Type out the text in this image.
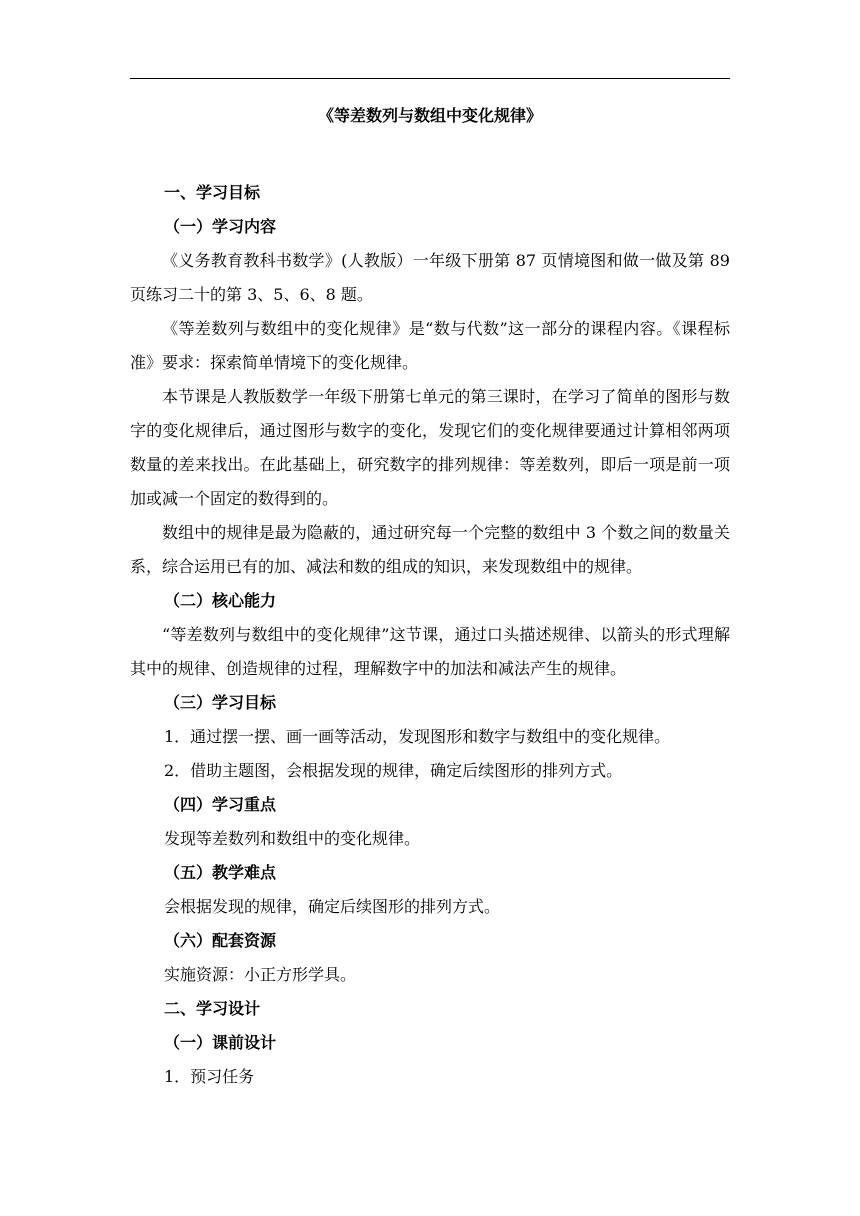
《等差数列与数组中变化规律》

一、学习目标

（一）学习内容

《义务教育教科书数学》(人教版）一年级下册第 87 页情境图和做一做及第 89 页练习二十的第 3、5、6、8 题。

《等差数列与数组中的变化规律》是“数与代数”这一部分的课程内容。《课程标准》要求：探索简单情境下的变化规律。

本节课是人教版数学一年级下册第七单元的第三课时，在学习了简单的图形与数字的变化规律后，通过图形与数字的变化，发现它们的变化规律要通过计算相邻两项数量的差来找出。在此基础上，研究数字的排列规律：等差数列，即后一项是前一项加或减一个固定的数得到的。

数组中的规律是最为隐蔽的，通过研究每一个完整的数组中 3 个数之间的数量关系，综合运用已有的加、减法和数的组成的知识，来发现数组中的规律。

（二）核心能力

“等差数列与数组中的变化规律”这节课，通过口头描述规律、以箭头的形式理解其中的规律、创造规律的过程，理解数字中的加法和减法产生的规律。

（三）学习目标

1．通过摆一摆、画一画等活动，发现图形和数字与数组中的变化规律。

2．借助主题图，会根据发现的规律，确定后续图形的排列方式。

（四）学习重点

发现等差数列和数组中的变化规律。

（五）教学难点

会根据发现的规律，确定后续图形的排列方式。

（六）配套资源

实施资源：小正方形学具。

二、学习设计

（一）课前设计

1．预习任务
